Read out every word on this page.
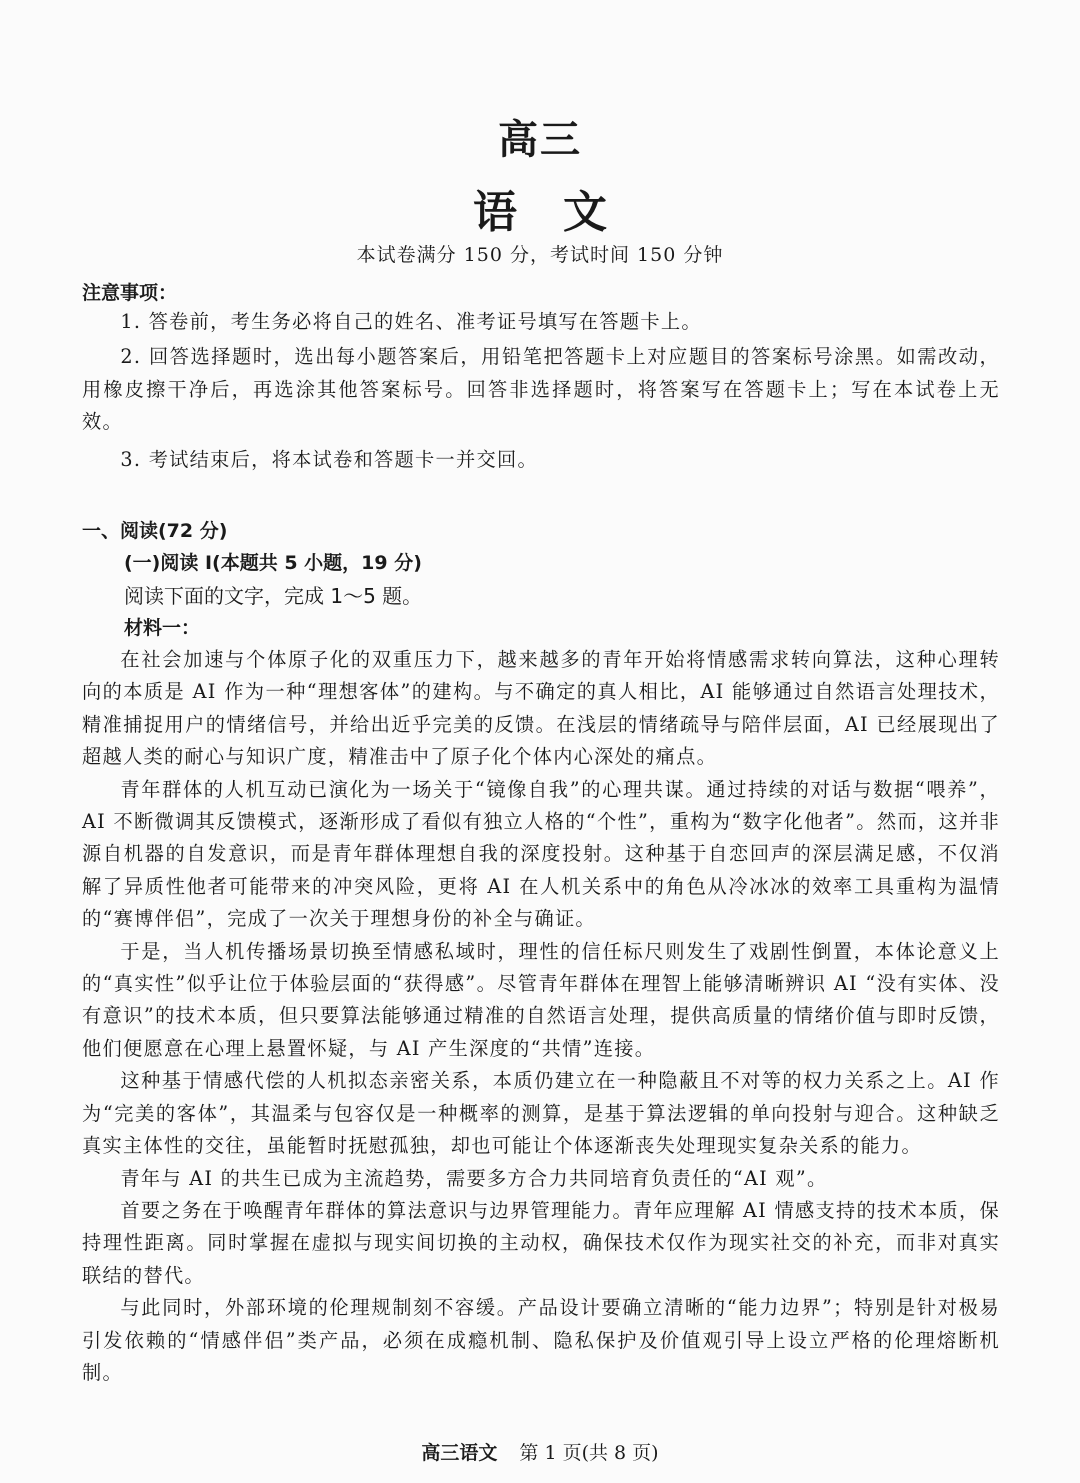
高三
语文
本试卷满分 150 分，考试时间 150 分钟
注意事项：
1. 答卷前，考生务必将自己的姓名、准考证号填写在答题卡上。
2. 回答选择题时，选出每小题答案后，用铅笔把答题卡上对应题目的答案标号涂黑。如需改动，用橡皮擦干净后，再选涂其他答案标号。回答非选择题时，将答案写在答题卡上；写在本试卷上无效。
3. 考试结束后，将本试卷和答题卡一并交回。
一、阅读(72 分)
(一)阅读 Ⅰ(本题共 5 小题，19 分)
阅读下面的文字，完成 1～5 题。
材料一：

在社会加速与个体原子化的双重压力下，越来越多的青年开始将情感需求转向算法，这种心理转向的本质是 AI 作为一种“理想客体”的建构。与不确定的真人相比，AI 能够通过自然语言处理技术，精准捕捉用户的情绪信号，并给出近乎完美的反馈。在浅层的情绪疏导与陪伴层面，AI 已经展现出了超越人类的耐心与知识广度，精准击中了原子化个体内心深处的痛点。

青年群体的人机互动已演化为一场关于“镜像自我”的心理共谋。通过持续的对话与数据“喂养”，AI 不断微调其反馈模式，逐渐形成了看似有独立人格的“个性”，重构为“数字化他者”。然而，这并非源自机器的自发意识，而是青年群体理想自我的深度投射。这种基于自恋回声的深层满足感，不仅消解了异质性他者可能带来的冲突风险，更将 AI 在人机关系中的角色从冷冰冰的效率工具重构为温情的“赛博伴侣”，完成了一次关于理想身份的补全与确证。

于是，当人机传播场景切换至情感私域时，理性的信任标尺则发生了戏剧性倒置，本体论意义上的“真实性”似乎让位于体验层面的“获得感”。尽管青年群体在理智上能够清晰辨识 AI “没有实体、没有意识”的技术本质，但只要算法能够通过精准的自然语言处理，提供高质量的情绪价值与即时反馈，他们便愿意在心理上悬置怀疑，与 AI 产生深度的“共情”连接。

这种基于情感代偿的人机拟态亲密关系，本质仍建立在一种隐蔽且不对等的权力关系之上。AI 作为“完美的客体”，其温柔与包容仅是一种概率的测算，是基于算法逻辑的单向投射与迎合。这种缺乏真实主体性的交往，虽能暂时抚慰孤独，却也可能让个体逐渐丧失处理现实复杂关系的能力。

青年与 AI 的共生已成为主流趋势，需要多方合力共同培育负责任的“AI 观”。

首要之务在于唤醒青年群体的算法意识与边界管理能力。青年应理解 AI 情感支持的技术本质，保持理性距离。同时掌握在虚拟与现实间切换的主动权，确保技术仅作为现实社交的补充，而非对真实联结的替代。

与此同时，外部环境的伦理规制刻不容缓。产品设计要确立清晰的“能力边界”；特别是针对极易引发依赖的“情感伴侣”类产品，必须在成瘾机制、隐私保护及价值观引导上设立严格的伦理熔断机制。

高三语文 第 1 页(共 8 页)
